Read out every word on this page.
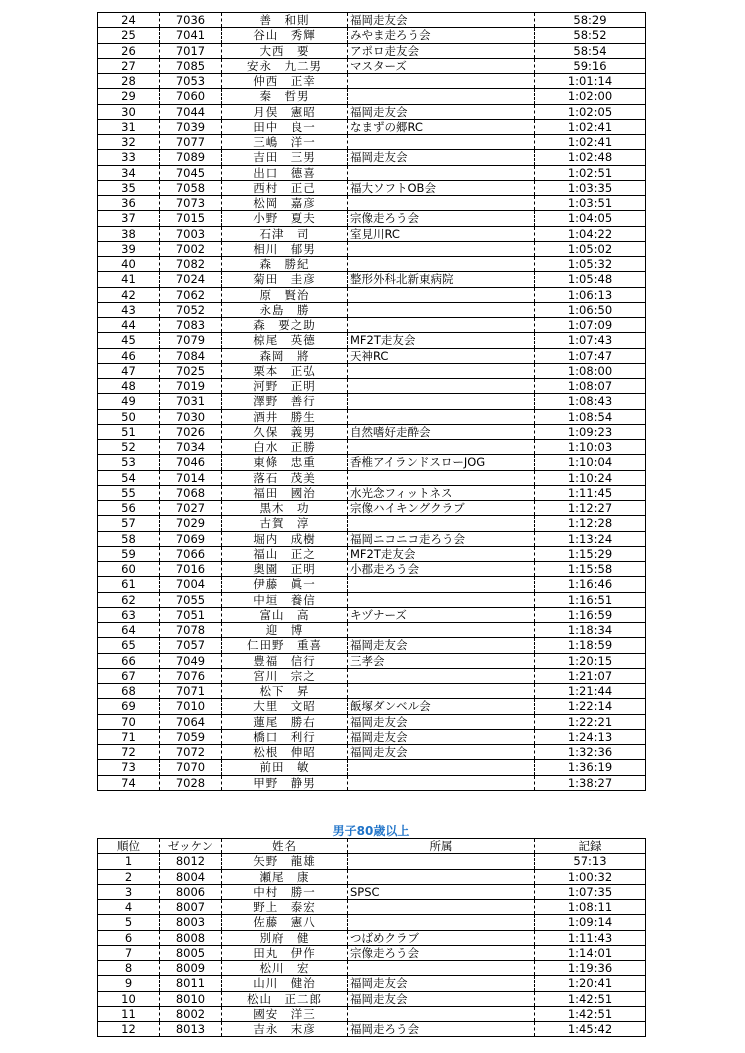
24	7036	善　和則	福岡走友会	58:29
25	7041	谷山　秀輝	みやま走ろう会	58:52
26	7017	大西　要	アポロ走友会	58:54
27	7085	安永　九二男	マスターズ	59:16
28	7053	仲西　正幸		1:01:14
29	7060	秦　哲男		1:02:00
30	7044	月俣　憲昭	福岡走友会	1:02:05
31	7039	田中　良一	なまずの郷RC	1:02:41
32	7077	三嶋　洋一		1:02:41
33	7089	吉田　三男	福岡走友会	1:02:48
34	7045	出口　德喜		1:02:51
35	7058	西村　正己	福大ソフトOB会	1:03:35
36	7073	松岡　嘉彦		1:03:51
37	7015	小野　夏夫	宗像走ろう会	1:04:05
38	7003	石津　司	室見川RC	1:04:22
39	7002	相川　郁男		1:05:02
40	7082	森　勝紀		1:05:32
41	7024	菊田　圭彦	整形外科北新東病院	1:05:48
42	7062	原　賢治		1:06:13
43	7052	永島　勝		1:06:50
44	7083	森　要之助		1:07:09
45	7079	椋尾　英德	MF2T走友会	1:07:43
46	7084	森岡　將	天神RC	1:07:47
47	7025	栗本　正弘		1:08:00
48	7019	河野　正明		1:08:07
49	7031	澤野　善行		1:08:43
50	7030	酒井　勝生		1:08:54
51	7026	久保　義男	自然嗜好走酔会	1:09:23
52	7034	白水　正勝		1:10:03
53	7046	東條　忠重	香椎アイランドスローJOG	1:10:04
54	7014	落石　茂美		1:10:24
55	7068	福田　國治	水光念フィットネス	1:11:45
56	7027	黒木　功	宗像ハイキングクラブ	1:12:27
57	7029	古賀　淳		1:12:28
58	7069	堀内　成樹	福岡ニコニコ走ろう会	1:13:24
59	7066	福山　正之	MF2T走友会	1:15:29
60	7016	奥園　正明	小郡走ろう会	1:15:58
61	7004	伊藤　眞一		1:16:46
62	7055	中垣　養信		1:16:51
63	7051	富山　高	キヅナーズ	1:16:59
64	7078	迎　博		1:18:34
65	7057	仁田野　重喜	福岡走友会	1:18:59
66	7049	豊福　信行	三孝会	1:20:15
67	7076	宮川　宗之		1:21:07
68	7071	松下　昇		1:21:44
69	7010	大里　文昭	飯塚ダンベル会	1:22:14
70	7064	蓮尾　勝右	福岡走友会	1:22:21
71	7059	橋口　利行	福岡走友会	1:24:13
72	7072	松根　伸昭	福岡走友会	1:32:36
73	7070	前田　敏		1:36:19
74	7028	甲野　静男		1:38:27
男子80歳以上
順位	ゼッケン	姓名	所属	記録
1	8012	矢野　龍雄		57:13
2	8004	瀬尾　康		1:00:32
3	8006	中村　勝一	SPSC	1:07:35
4	8007	野上　泰宏		1:08:11
5	8003	佐藤　憲八		1:09:14
6	8008	別府　健	つばめクラブ	1:11:43
7	8005	田丸　伊作	宗像走ろう会	1:14:01
8	8009	松川　宏		1:19:36
9	8011	山川　健治	福岡走友会	1:20:41
10	8010	松山　正二郎	福岡走友会	1:42:51
11	8002	國安　洋三		1:42:51
12	8013	吉永　末彦	福岡走ろう会	1:45:42
